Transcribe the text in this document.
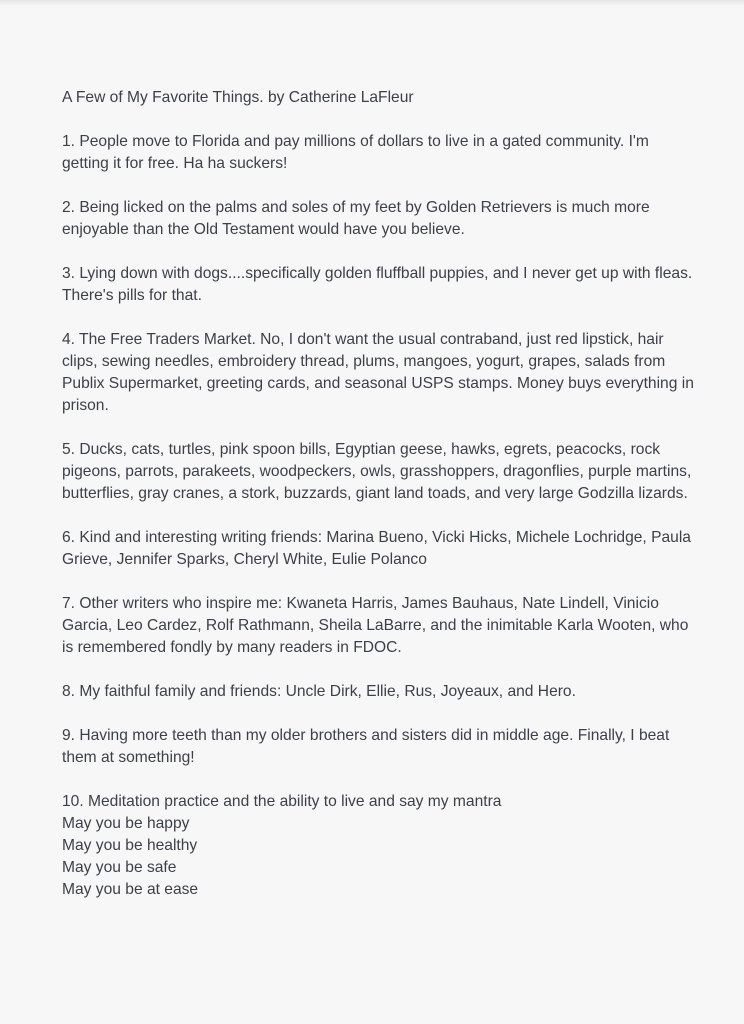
A Few of My Favorite Things. by Catherine LaFleur

1. People move to Florida and pay millions of dollars to live in a gated community. I'm getting it for free. Ha ha suckers!

2. Being licked on the palms and soles of my feet by Golden Retrievers is much more enjoyable than the Old Testament would have you believe.

3. Lying down with dogs....specifically golden fluffball puppies, and I never get up with fleas. There's pills for that.

4. The Free Traders Market. No, I don't want the usual contraband, just red lipstick, hair clips, sewing needles, embroidery thread, plums, mangoes, yogurt, grapes, salads from Publix Supermarket, greeting cards, and seasonal USPS stamps. Money buys everything in prison.

5. Ducks, cats, turtles, pink spoon bills, Egyptian geese, hawks, egrets, peacocks, rock pigeons, parrots, parakeets, woodpeckers, owls, grasshoppers, dragonflies, purple martins, butterflies, gray cranes, a stork, buzzards, giant land toads, and very large Godzilla lizards.

6. Kind and interesting writing friends: Marina Bueno, Vicki Hicks, Michele Lochridge, Paula Grieve, Jennifer Sparks, Cheryl White, Eulie Polanco

7. Other writers who inspire me: Kwaneta Harris, James Bauhaus, Nate Lindell, Vinicio Garcia, Leo Cardez, Rolf Rathmann, Sheila LaBarre, and the inimitable Karla Wooten, who is remembered fondly by many readers in FDOC.

8. My faithful family and friends: Uncle Dirk, Ellie, Rus, Joyeaux, and Hero.

9. Having more teeth than my older brothers and sisters did in middle age. Finally, I beat them at something!

10. Meditation practice and the ability to live and say my mantra
May you be happy
May you be healthy
May you be safe
May you be at ease
